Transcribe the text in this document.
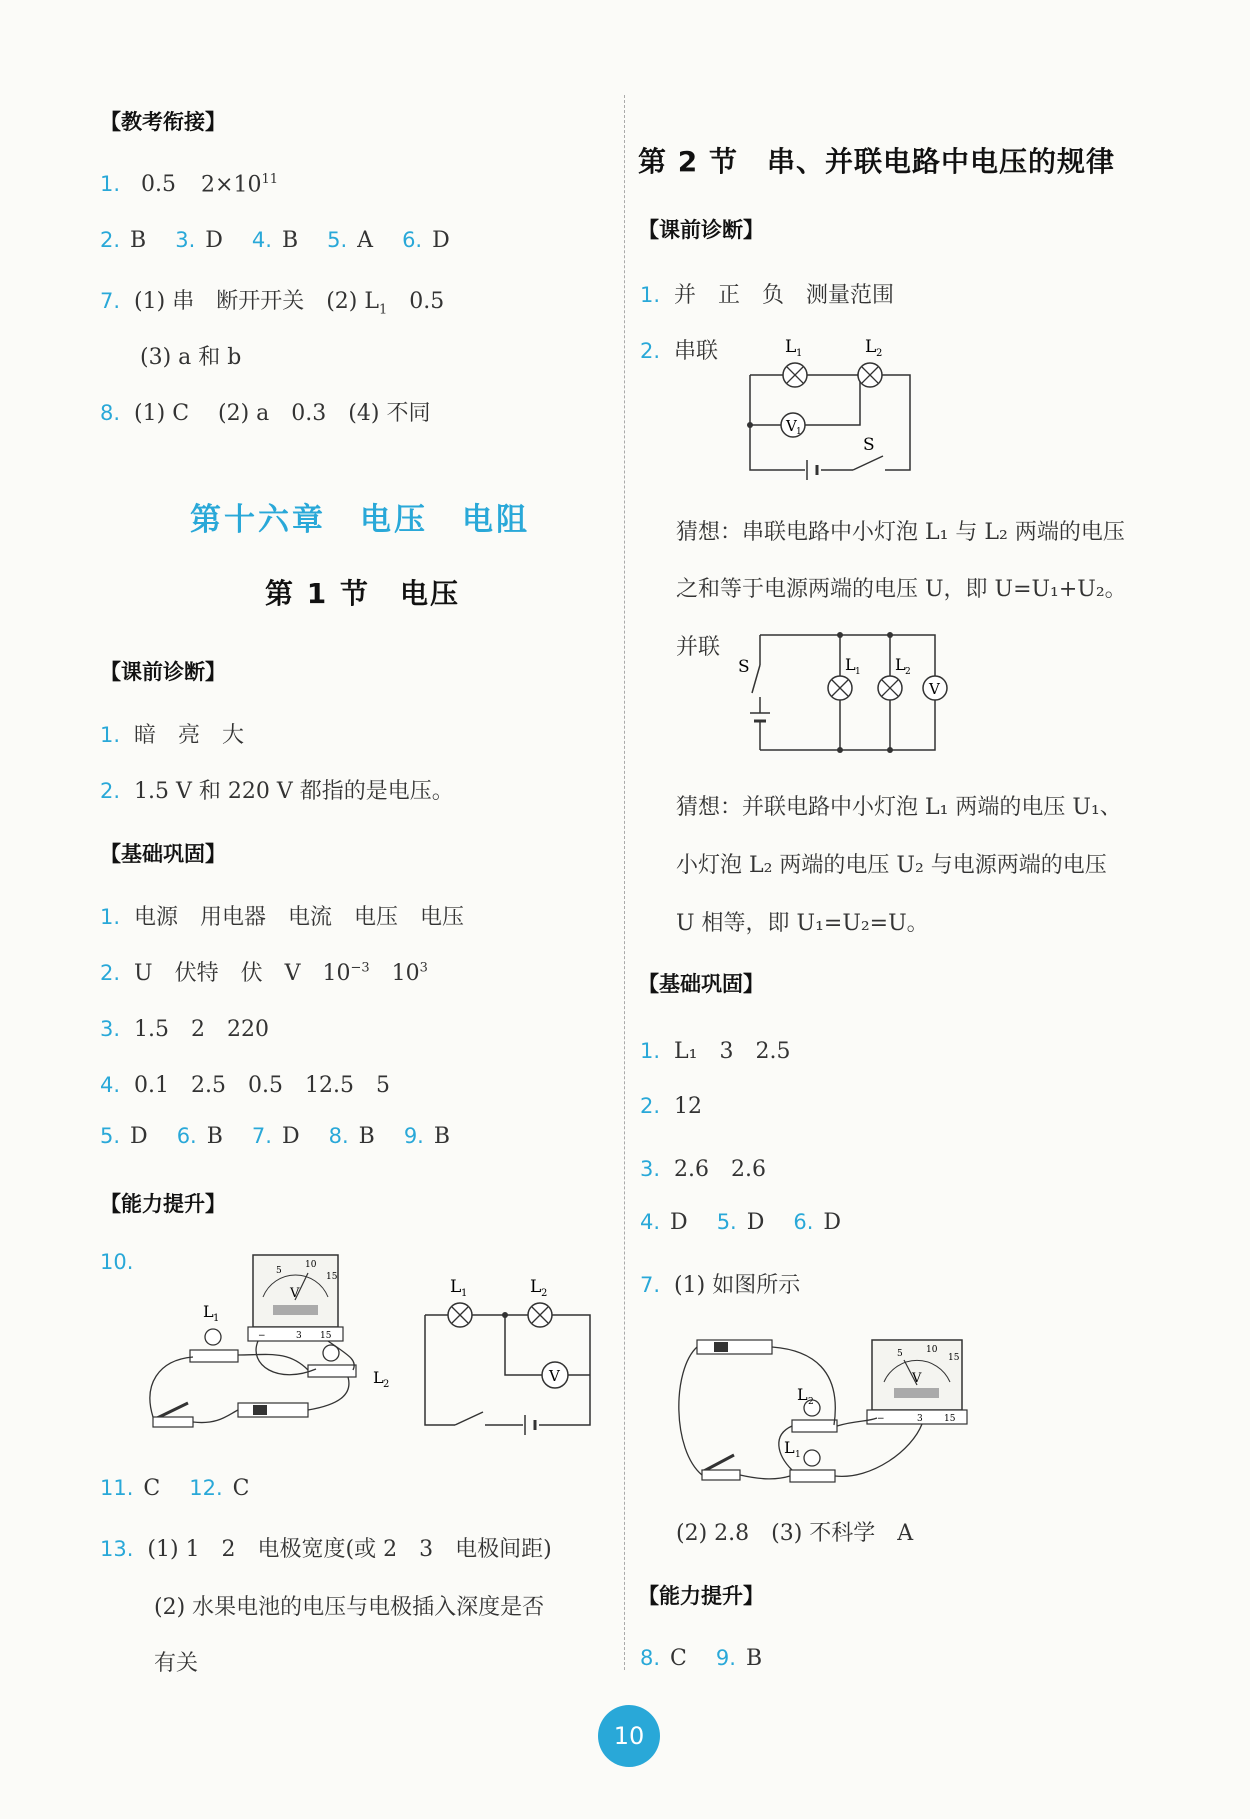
【教考衔接】
1. 0.5 $2\times 10^{11}$
2. B 3. D 4. B 5. A 6. D
7. (1) 串　断开开关　(2) $L_1$　0.5
(3) a 和 b
8. (1) C　 (2) a　0.3　(4) 不同
第十六章　电压　电阻
第 1 节　电压
【课前诊断】
1. 暗　亮　大
2. 1.5 V 和 220 V 都指的是电压。
【基础巩固】
1. 电源　用电器　电流　电压　电压
2. U　伏特　伏　V　$10^{-3}$　$10^3$
3. 1.5　2　220
4. 0.1　2.5　0.5　12.5　5
5. D 6. B 7. D 8. B 9. B
【能力提升】
10.
V
10
5
15
−	3 15
L 1
L 2	V
L 1	L 2
11. C 12. C
13. (1) 1　2　电极宽度(或 2　3　电极间距)
(2) 水果电池的电压与电极插入深度是否
有关
第 2 节　串、并联电路中电压的规律
【课前诊断】
1. 并　正　负　测量范围
2. 串联	L 1	L 2
V 1
S
猜想：串联电路中小灯泡 L₁ 与 L₂ 两端的电压
之和等于电源两端的电压 U，即 U=U₁+U₂。
并联
S
V
L 1 L 2
猜想：并联电路中小灯泡 L₁ 两端的电压 U₁、
小灯泡 L₂ 两端的电压 U₂ 与电源两端的电压
U 相等，即 U₁=U₂=U。
【基础巩固】
1. L₁　3　2.5
2. 12
3. 2.6　2.6
4. D 5. D 6. D
7. (1) 如图所示
V
10
5	15
−	3 15
L 2
L 1
(2) 2.8　(3) 不科学　A
【能力提升】
8. C 9. B
10
